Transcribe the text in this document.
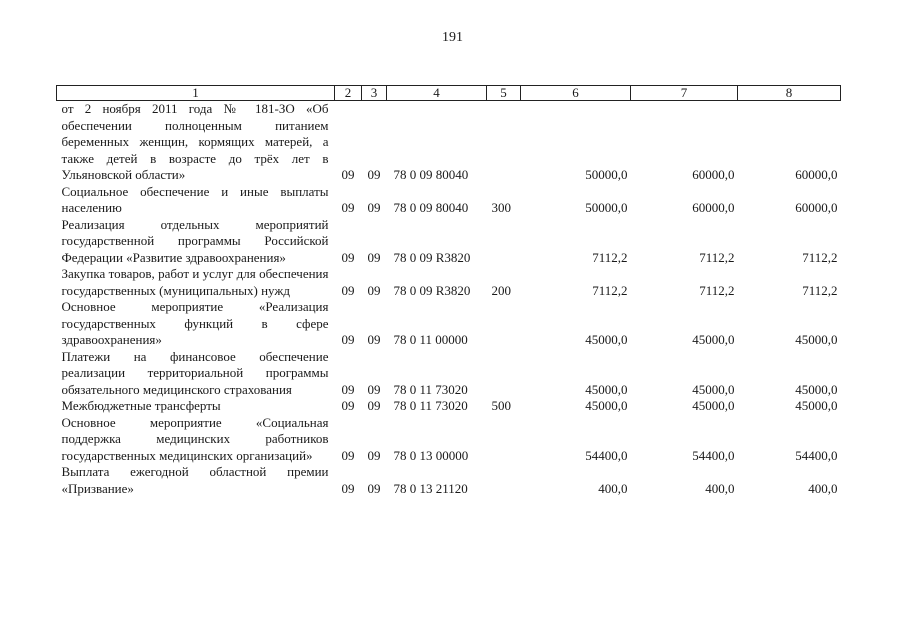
191
1	2	3	4	5	6	7	8
от 2 ноября 2011 года № 181-ЗО «Об обеспечении полноценным питанием беременных женщин, кормящих матерей, а также детей в возрасте до трёх лет в Ульяновской области»	09	09	78 0 09 80040		50000,0	60000,0	60000,0
Социальное обеспечение и иные выплаты населению	09	09	78 0 09 80040	300	50000,0	60000,0	60000,0
Реализация отдельных мероприятий государственной программы Российской Федерации «Развитие здравоохранения»	09	09	78 0 09 R3820		7112,2	7112,2	7112,2
Закупка товаров, работ и услуг для обеспечения государственных (муниципальных) нужд	09	09	78 0 09 R3820	200	7112,2	7112,2	7112,2
Основное мероприятие «Реализация государственных функций в сфере здравоохранения»	09	09	78 0 11 00000		45000,0	45000,0	45000,0
Платежи на финансовое обеспечение реализации территориальной программы обязательного медицинского страхования	09	09	78 0 11 73020		45000,0	45000,0	45000,0
Межбюджетные трансферты	09	09	78 0 11 73020	500	45000,0	45000,0	45000,0
Основное мероприятие «Социальная поддержка медицинских работников государственных медицинских организаций»	09	09	78 0 13 00000		54400,0	54400,0	54400,0
Выплата ежегодной областной премии «Призвание»	09	09	78 0 13 21120		400,0	400,0	400,0
